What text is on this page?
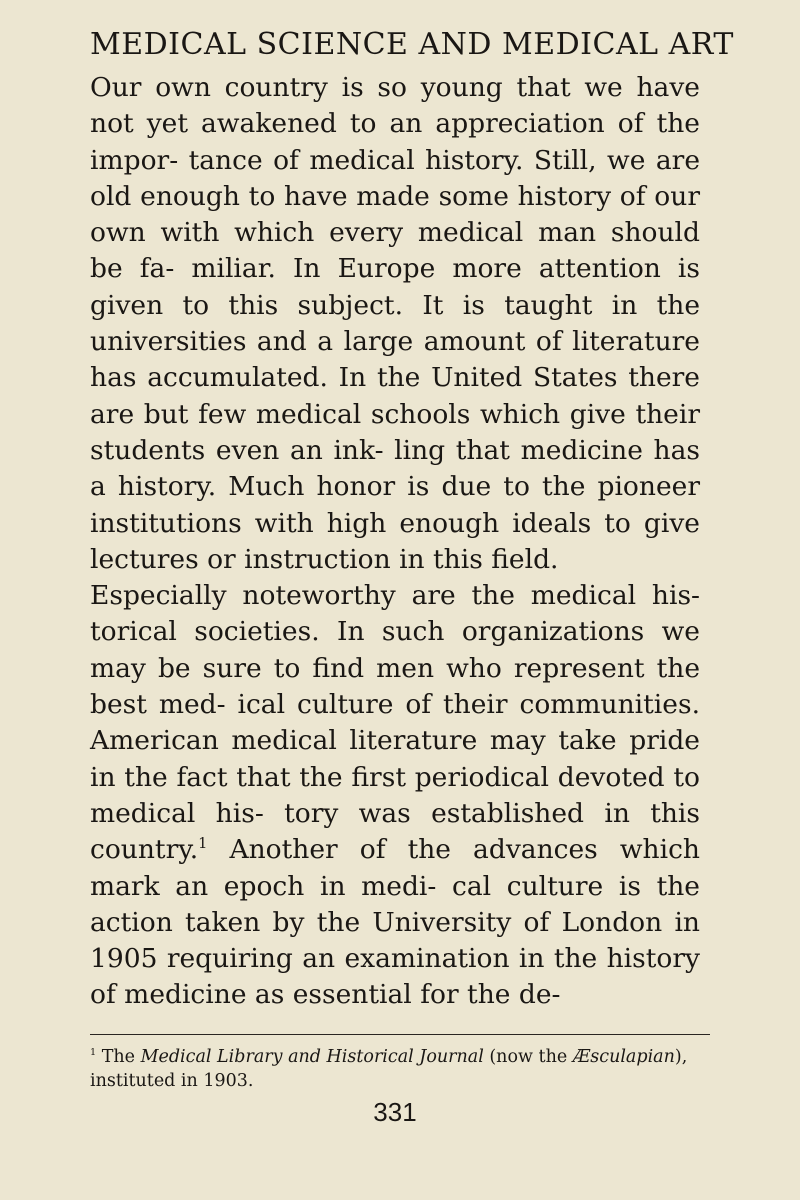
MEDICAL SCIENCE AND MEDICAL ART

Our own country is so young that we have not yet awakened to an appreciation of the impor- tance of medical history. Still, we are old enough to have made some history of our own with which every medical man should be fa- miliar. In Europe more attention is given to this subject. It is taught in the universities and a large amount of literature has accumulated. In the United States there are but few medical schools which give their students even an ink- ling that medicine has a history. Much honor is due to the pioneer institutions with high enough ideals to give lectures or instruction in this field.

Especially noteworthy are the medical his- torical societies. In such organizations we may be sure to find men who represent the best med- ical culture of their communities. American medical literature may take pride in the fact that the first periodical devoted to medical his- tory was established in this country.$^1$ Another of the advances which mark an epoch in medi- cal culture is the action taken by the University of London in 1905 requiring an examination in the history of medicine as essential for the de-

$^1$ The Medical Library and Historical Journal (now the Æsculapian), instituted in 1903.
331
